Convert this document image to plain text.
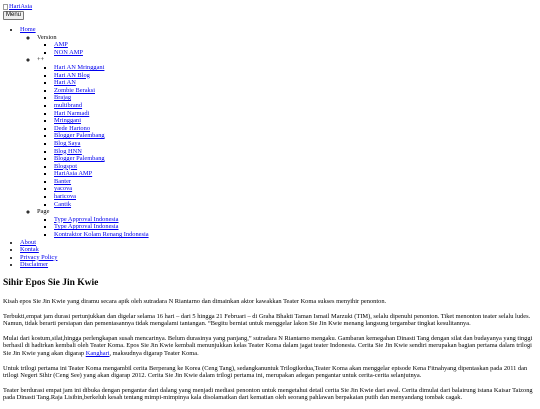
HariAsia
Menu
• Home
◦ Version
▪ AMP
▪ NON AMP
◦ ++
▪ Hari AN Mringgani
▪ Hari AN Blog
▪ Hari AN
▪ Zombie Beraksi
▪ Brajag
▪ multibrand
▪ Hari Narmadi
▪ Mringgani
▪ Dede Hartono
▪ Blogger Palembang
▪ Blog Saya
▪ Blog HNN
▪ Blogger Palembang
▪ Blogspot
▪ HariAsia AMP
▪ Banter
▪ yacova
▪ haricova
▪ Cantik
◦ Page
▪ Type Approval Indonesia
▪ Type Approval Indonesia
▪ Kontraktor Kolam Renang Indonesia
• About
• Kontak
• Privacy Policy
• Disclaimer
Sihir Epos Sie Jin Kwie

Kisah epos Sie Jin Kwie yang diramu secara apik oleh sutradara N Riantarno dan dimainkan aktor kawakkan Teater Koma sukses menyihir penonton.

Terbukti,empat jam durasi pertunjukkan dan digelar selama 16 hari – dari 5 hingga 21 Februari – di Graha Bhakti Taman Ismail Marzuki (TIM), selalu dipenuhi penonton. Tiket menonton teater selalu ludes. Namun, tidak berarti persiapan dan pementasannya tidak mengalami tantangan. “Begitu berniat untuk menggelar lakon Sie Jin Kwie menang langsung tergambar tingkat kesulitannya.

Mulai dari kostum,silat,hingga perlengkapan susah mencarinya. Belum durasinya yang panjang,” sutradara N Riantarno mengaku. Gambaran kemegahan Dinasti Tang dengan silat dan budayanya yang tinggi berhasil di hadirkan kembali oleh Teater Koma. Epos Sie Jin Kwie kembali menunjukkan kelas Teater Koma dalam jagat teater Indonesia. Cerita Sie Jin Kwie sendiri merupakan bagian pertama dalam trilogi Sie Jin Kwie yang akan digarap Kanghari, maksudnya digarap Teater Koma.

Untuk trilogi pertama ini Teater Koma mengambil cerita Berperang ke Korea (Ceng Tang), sedangkanuntuk Trilogikedua,Teater Koma akan menggelar episode Kena Fitnahyang dipentaskan pada 2011 dan trilogi Negeri Sihir (Ceng See) yang akan digarap 2012. Cerita Sie Jin Kwie dalam trilogi pertama ini, merupakan adegan pengantar untuk cerita-cerita selanjutnya.

Teater berdurasi empat jam ini dibuka dengan pengantar dari dalang yang menjadi mediasi penonton untuk mengetahui detail cerita Sie Jin Kwie dari awal. Cerita dimulai dari balairung istana Kaisar Taizong pada Dinasti Tang.Raja Lisibin,berkeluh kesah tentang mimpi-mimpinya kala disolamatkan dari kematian oleh seorang pahlawan berpakaian putih dan menyandang tombak cagak.
